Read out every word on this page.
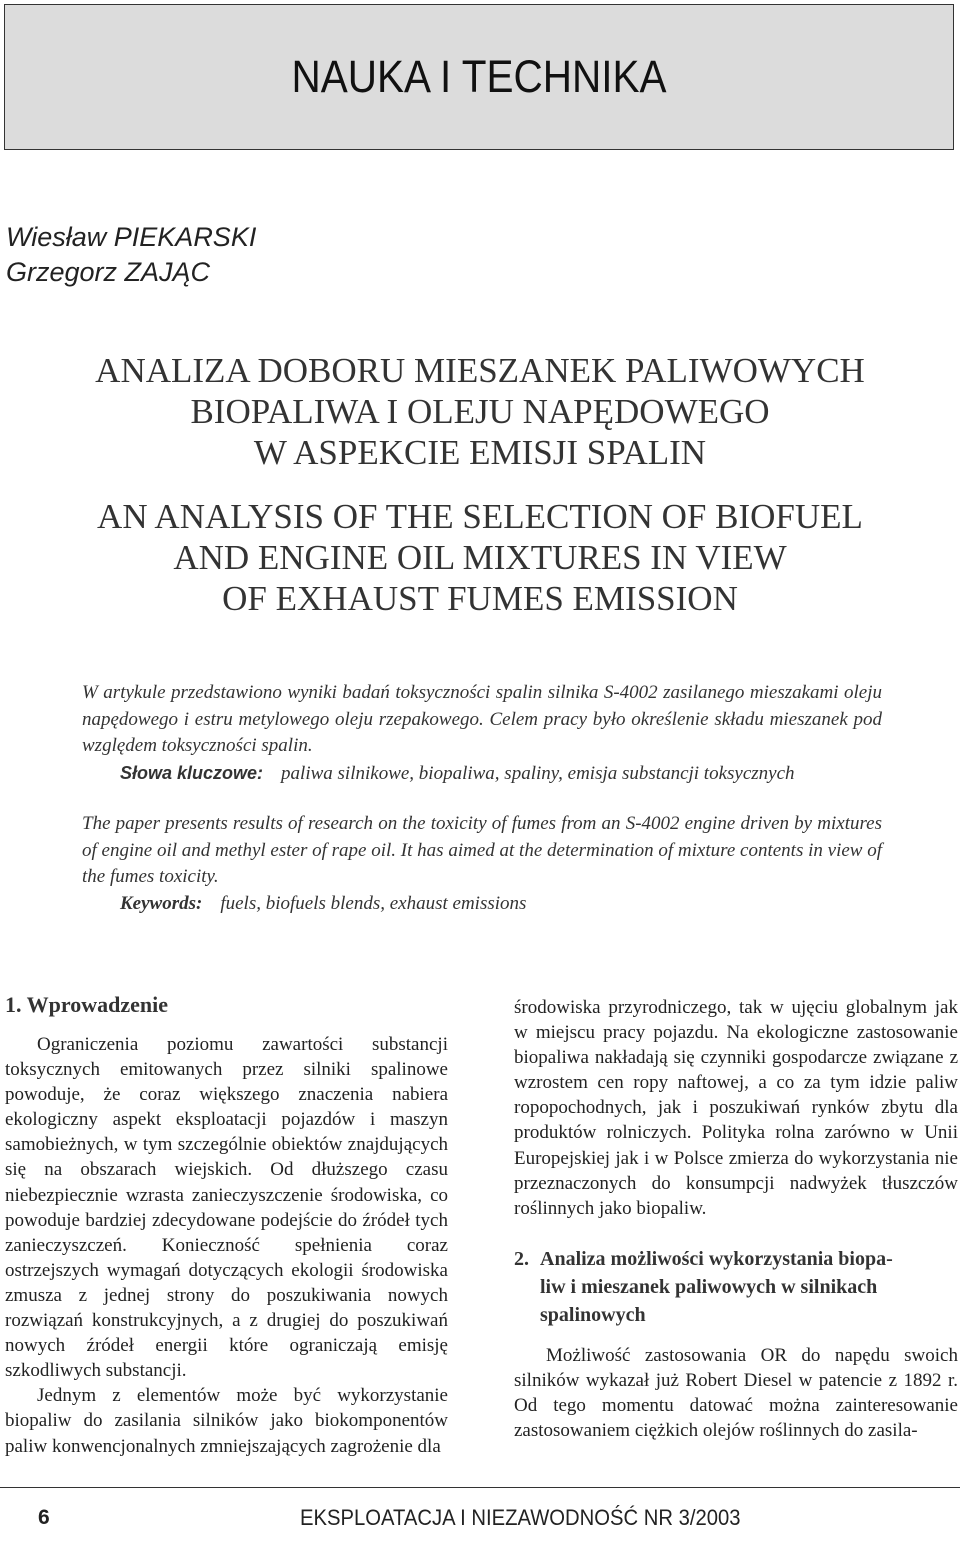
NAUKA I TECHNIKA
Wiesław PIEKARSKI
Grzegorz ZAJĄC
ANALIZA DOBORU MIESZANEK PALIWOWYCH
BIOPALIWA I OLEJU NAPĘDOWEGO
W ASPEKCIE EMISJI SPALIN
AN ANALYSIS OF THE SELECTION OF BIOFUEL
AND ENGINE OIL MIXTURES IN VIEW
OF EXHAUST FUMES EMISSION
W artykule przedstawiono wyniki badań toksyczności spalin silnika S-4002 zasilanego mieszakami oleju napędowego i estru metylowego oleju rzepakowego. Celem pracy było określenie składu mieszanek pod względem toksyczności spalin.
Słowa kluczowe: paliwa silnikowe, biopaliwa, spaliny, emisja substancji toksycznych
The paper presents results of research on the toxicity of fumes from an S-4002 engine driven by mixtures of engine oil and methyl ester of rape oil. It has aimed at the determination of mixture contents in view of the fumes toxicity.
Keywords: fuels, biofuels blends, exhaust emissions
1. Wprowadzenie

Ograniczenia poziomu zawartości substancji toksycznych emitowanych przez silniki spalinowe powoduje, że coraz większego znaczenia nabiera ekologiczny aspekt eksploatacji pojazdów i maszyn samobieżnych, w tym szczególnie obiektów znajdujących się na obszarach wiejskich. Od dłuższego czasu niebezpiecznie wzrasta zanieczyszczenie środowiska, co powoduje bardziej zdecydowane podejście do źródeł tych zanieczyszczeń. Konieczność spełnienia coraz ostrzejszych wymagań dotyczących ekologii środowiska zmusza z jednej strony do poszukiwania nowych rozwiązań konstrukcyjnych, a z drugiej do poszukiwań nowych źródeł energii które ograniczają emisję szkodliwych substancji.

Jednym z elementów może być wykorzystanie biopaliw do zasilania silników jako biokomponentów paliw konwencjonalnych zmniejszających zagrożenie dla

środowiska przyrodniczego, tak w ujęciu globalnym jak w miejscu pracy pojazdu. Na ekologiczne zastosowanie biopaliwa nakładają się czynniki gospodarcze związane z wzrostem cen ropy naftowej, a co za tym idzie paliw ropopochodnych, jak i poszukiwań rynków zbytu dla produktów rolniczych. Polityka rolna zarówno w Unii Europejskiej jak i w Polsce zmierza do wykorzystania nie przeznaczonych do konsumpcji nadwyżek tłuszczów roślinnych jako biopaliw.

2. Analiza możliwości wykorzystania biopa-
liw i mieszanek paliwowych w silnikach
spalinowych

Możliwość zastosowania OR do napędu swoich silników wykazał już Robert Diesel w patencie z 1892 r. Od tego momentu datować można zainteresowanie zastosowaniem ciężkich olejów roślinnych do zasila-

6	EKSPLOATACJA I NIEZAWODNOŚĆ NR 3/2003
